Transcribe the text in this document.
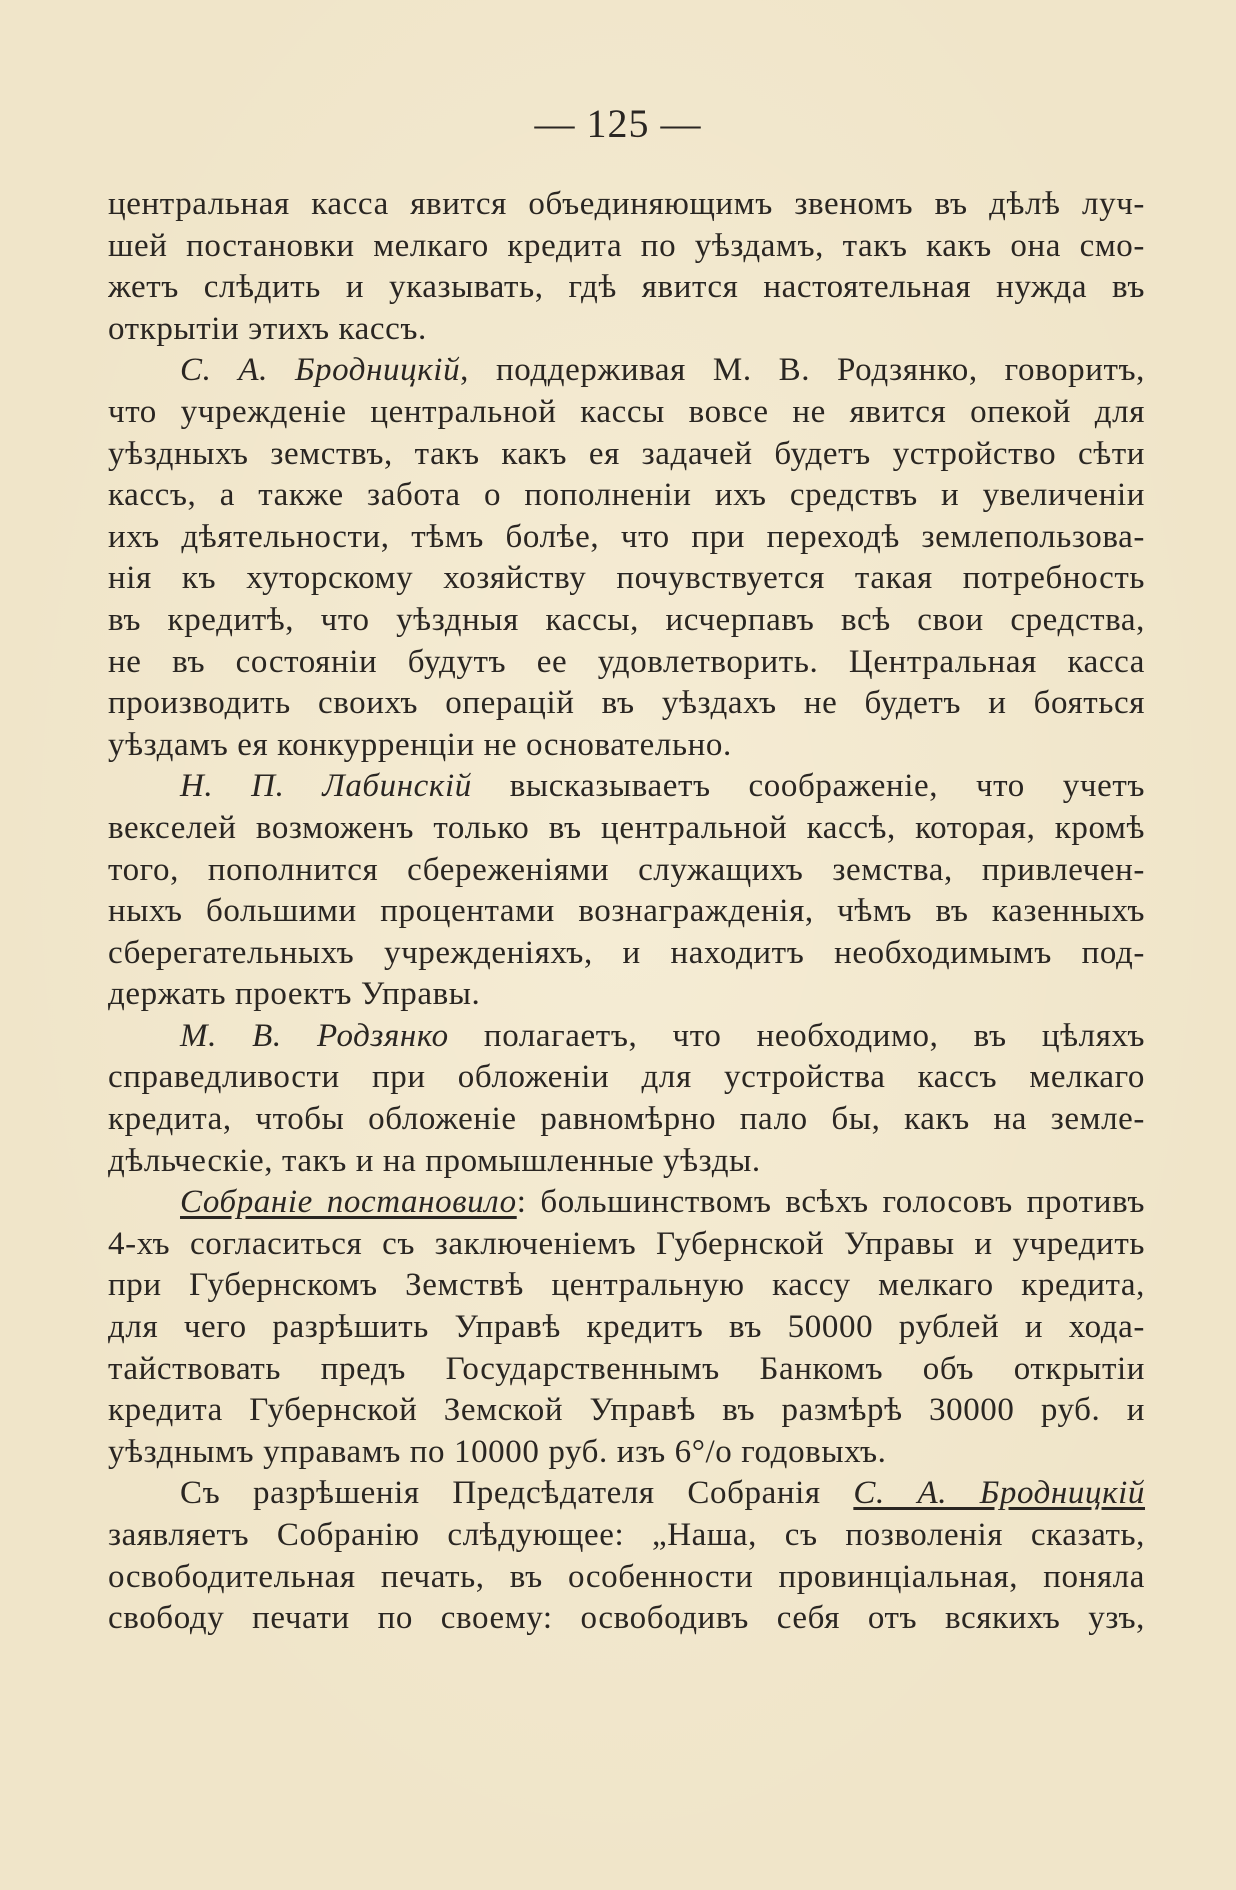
— 125 —
центральная касса явится объединяющимъ звеномъ въ дѣлѣ луч-
шей постановки мелкаго кредита по уѣздамъ, такъ какъ она смо-
жетъ слѣдить и указывать, гдѣ явится настоятельная нужда въ
открытіи этихъ кассъ.
С. А. Бродницкій, поддерживая М. В. Родзянко, говоритъ,
что учрежденіе центральной кассы вовсе не явится опекой для
уѣздныхъ земствъ, такъ какъ ея задачей будетъ устройство сѣти
кассъ, а также забота о пополненіи ихъ средствъ и увеличеніи
ихъ дѣятельности, тѣмъ болѣе, что при переходѣ землепользова-
нія къ хуторскому хозяйству почувствуется такая потребность
въ кредитѣ, что уѣздныя кассы, исчерпавъ всѣ свои средства,
не въ состояніи будутъ ее удовлетворить. Центральная касса
производить своихъ операцій въ уѣздахъ не будетъ и бояться
уѣздамъ ея конкурренціи не основательно.
Н. П. Лабинскій высказываетъ соображеніе, что учетъ
векселей возможенъ только въ центральной кассѣ, которая, кромѣ
того, пополнится сбереженіями служащихъ земства, привлечен-
ныхъ большими процентами вознагражденія, чѣмъ въ казенныхъ
сберегательныхъ учрежденіяхъ, и находитъ необходимымъ под-
держать проектъ Управы.
М. В. Родзянко полагаетъ, что необходимо, въ цѣляхъ
справедливости при обложеніи для устройства кассъ мелкаго
кредита, чтобы обложеніе равномѣрно пало бы, какъ на земле-
дѣльческіе, такъ и на промышленные уѣзды.
Собраніе постановило: большинствомъ всѣхъ голосовъ противъ
4-хъ согласиться съ заключеніемъ Губернской Управы и учредить
при Губернскомъ Земствѣ центральную кассу мелкаго кредита,
для чего разрѣшить Управѣ кредитъ въ 50000 рублей и хода-
тайствовать предъ Государственнымъ Банкомъ объ открытіи
кредита Губернской Земской Управѣ въ размѣрѣ 30000 руб. и
уѣзднымъ управамъ по 10000 руб. изъ 6°/о годовыхъ.
Съ разрѣшенія Предсѣдателя Собранія С. А. Бродницкій
заявляетъ Собранію слѣдующее: „Наша, съ позволенія сказать,
освободительная печать, въ особенности провинціальная, поняла
свободу печати по своему: освободивъ себя отъ всякихъ узъ,
